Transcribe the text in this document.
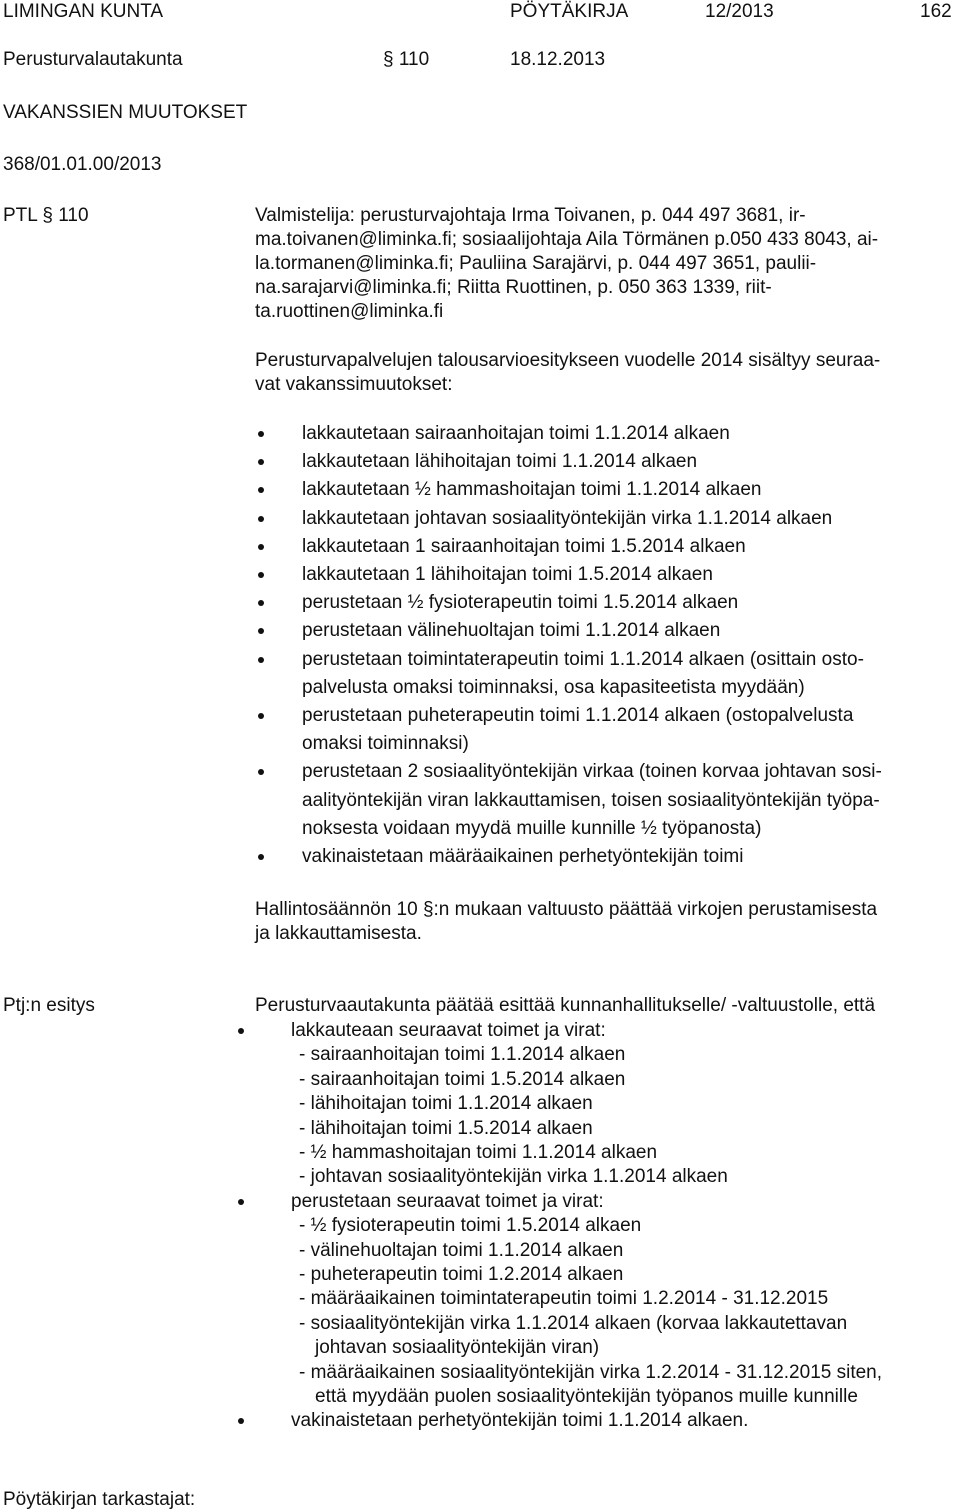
LIMINGAN KUNTA	PÖYTÄKIRJA	12/2013	162
Perusturvalautakunta	§ 110	18.12.2013
VAKANSSIEN MUUTOKSET
368/01.01.00/2013
PTL § 110	Valmistelija: perusturvajohtaja Irma Toivanen, p. 044 497 3681, ir-
ma.toivanen@liminka.fi; sosiaalijohtaja Aila Törmänen p.050 433 8043, ai-
la.tormanen@liminka.fi; Pauliina Sarajärvi, p. 044 497 3651, paulii-
na.sarajarvi@liminka.fi; Riitta Ruottinen, p. 050 363 1339, riit-
ta.ruottinen@liminka.fi
Perusturvapalvelujen talousarvioesitykseen vuodelle 2014 sisältyy seuraa-
vat vakanssimuutokset:
lakkautetaan sairaanhoitajan toimi 1.1.2014 alkaen
lakkautetaan lähihoitajan toimi 1.1.2014 alkaen
lakkautetaan ½ hammashoitajan toimi 1.1.2014 alkaen
lakkautetaan johtavan sosiaalityöntekijän virka 1.1.2014 alkaen
lakkautetaan 1 sairaanhoitajan toimi 1.5.2014 alkaen
lakkautetaan 1 lähihoitajan toimi 1.5.2014 alkaen
perustetaan ½ fysioterapeutin toimi 1.5.2014 alkaen
perustetaan välinehuoltajan toimi 1.1.2014 alkaen
perustetaan toimintaterapeutin toimi 1.1.2014 alkaen (osittain osto-
palvelusta omaksi toiminnaksi, osa kapasiteetista myydään)
perustetaan puheterapeutin toimi 1.1.2014 alkaen (ostopalvelusta
omaksi toiminnaksi)
perustetaan 2 sosiaalityöntekijän virkaa (toinen korvaa johtavan sosi-
aalityöntekijän viran lakkauttamisen, toisen sosiaalityöntekijän työpa-
noksesta voidaan myydä muille kunnille ½ työpanosta)
vakinaistetaan määräaikainen perhetyöntekijän toimi
Hallintosäännön 10 §:n mukaan valtuusto päättää virkojen perustamisesta
ja lakkauttamisesta.
Ptj:n esitys	Perusturvaautakunta päätää esittää kunnanhallitukselle/ -valtuustolle, että
lakkauteaan seuraavat toimet ja virat:
- sairaanhoitajan toimi 1.1.2014 alkaen
- sairaanhoitajan toimi 1.5.2014 alkaen
- lähihoitajan toimi 1.1.2014 alkaen
- lähihoitajan toimi 1.5.2014 alkaen
- ½ hammashoitajan toimi 1.1.2014 alkaen
- johtavan sosiaalityöntekijän virka 1.1.2014 alkaen
perustetaan seuraavat toimet ja virat:
- ½ fysioterapeutin toimi 1.5.2014 alkaen
- välinehuoltajan toimi 1.1.2014 alkaen
- puheterapeutin toimi 1.2.2014 alkaen
- määräaikainen toimintaterapeutin toimi 1.2.2014 - 31.12.2015
- sosiaalityöntekijän virka 1.1.2014 alkaen (korvaa lakkautettavan
johtavan sosiaalityöntekijän viran)
- määräaikainen sosiaalityöntekijän virka 1.2.2014 - 31.12.2015 siten,
että myydään puolen sosiaalityöntekijän työpanos muille kunnille
vakinaistetaan perhetyöntekijän toimi 1.1.2014 alkaen.
Pöytäkirjan tarkastajat:
